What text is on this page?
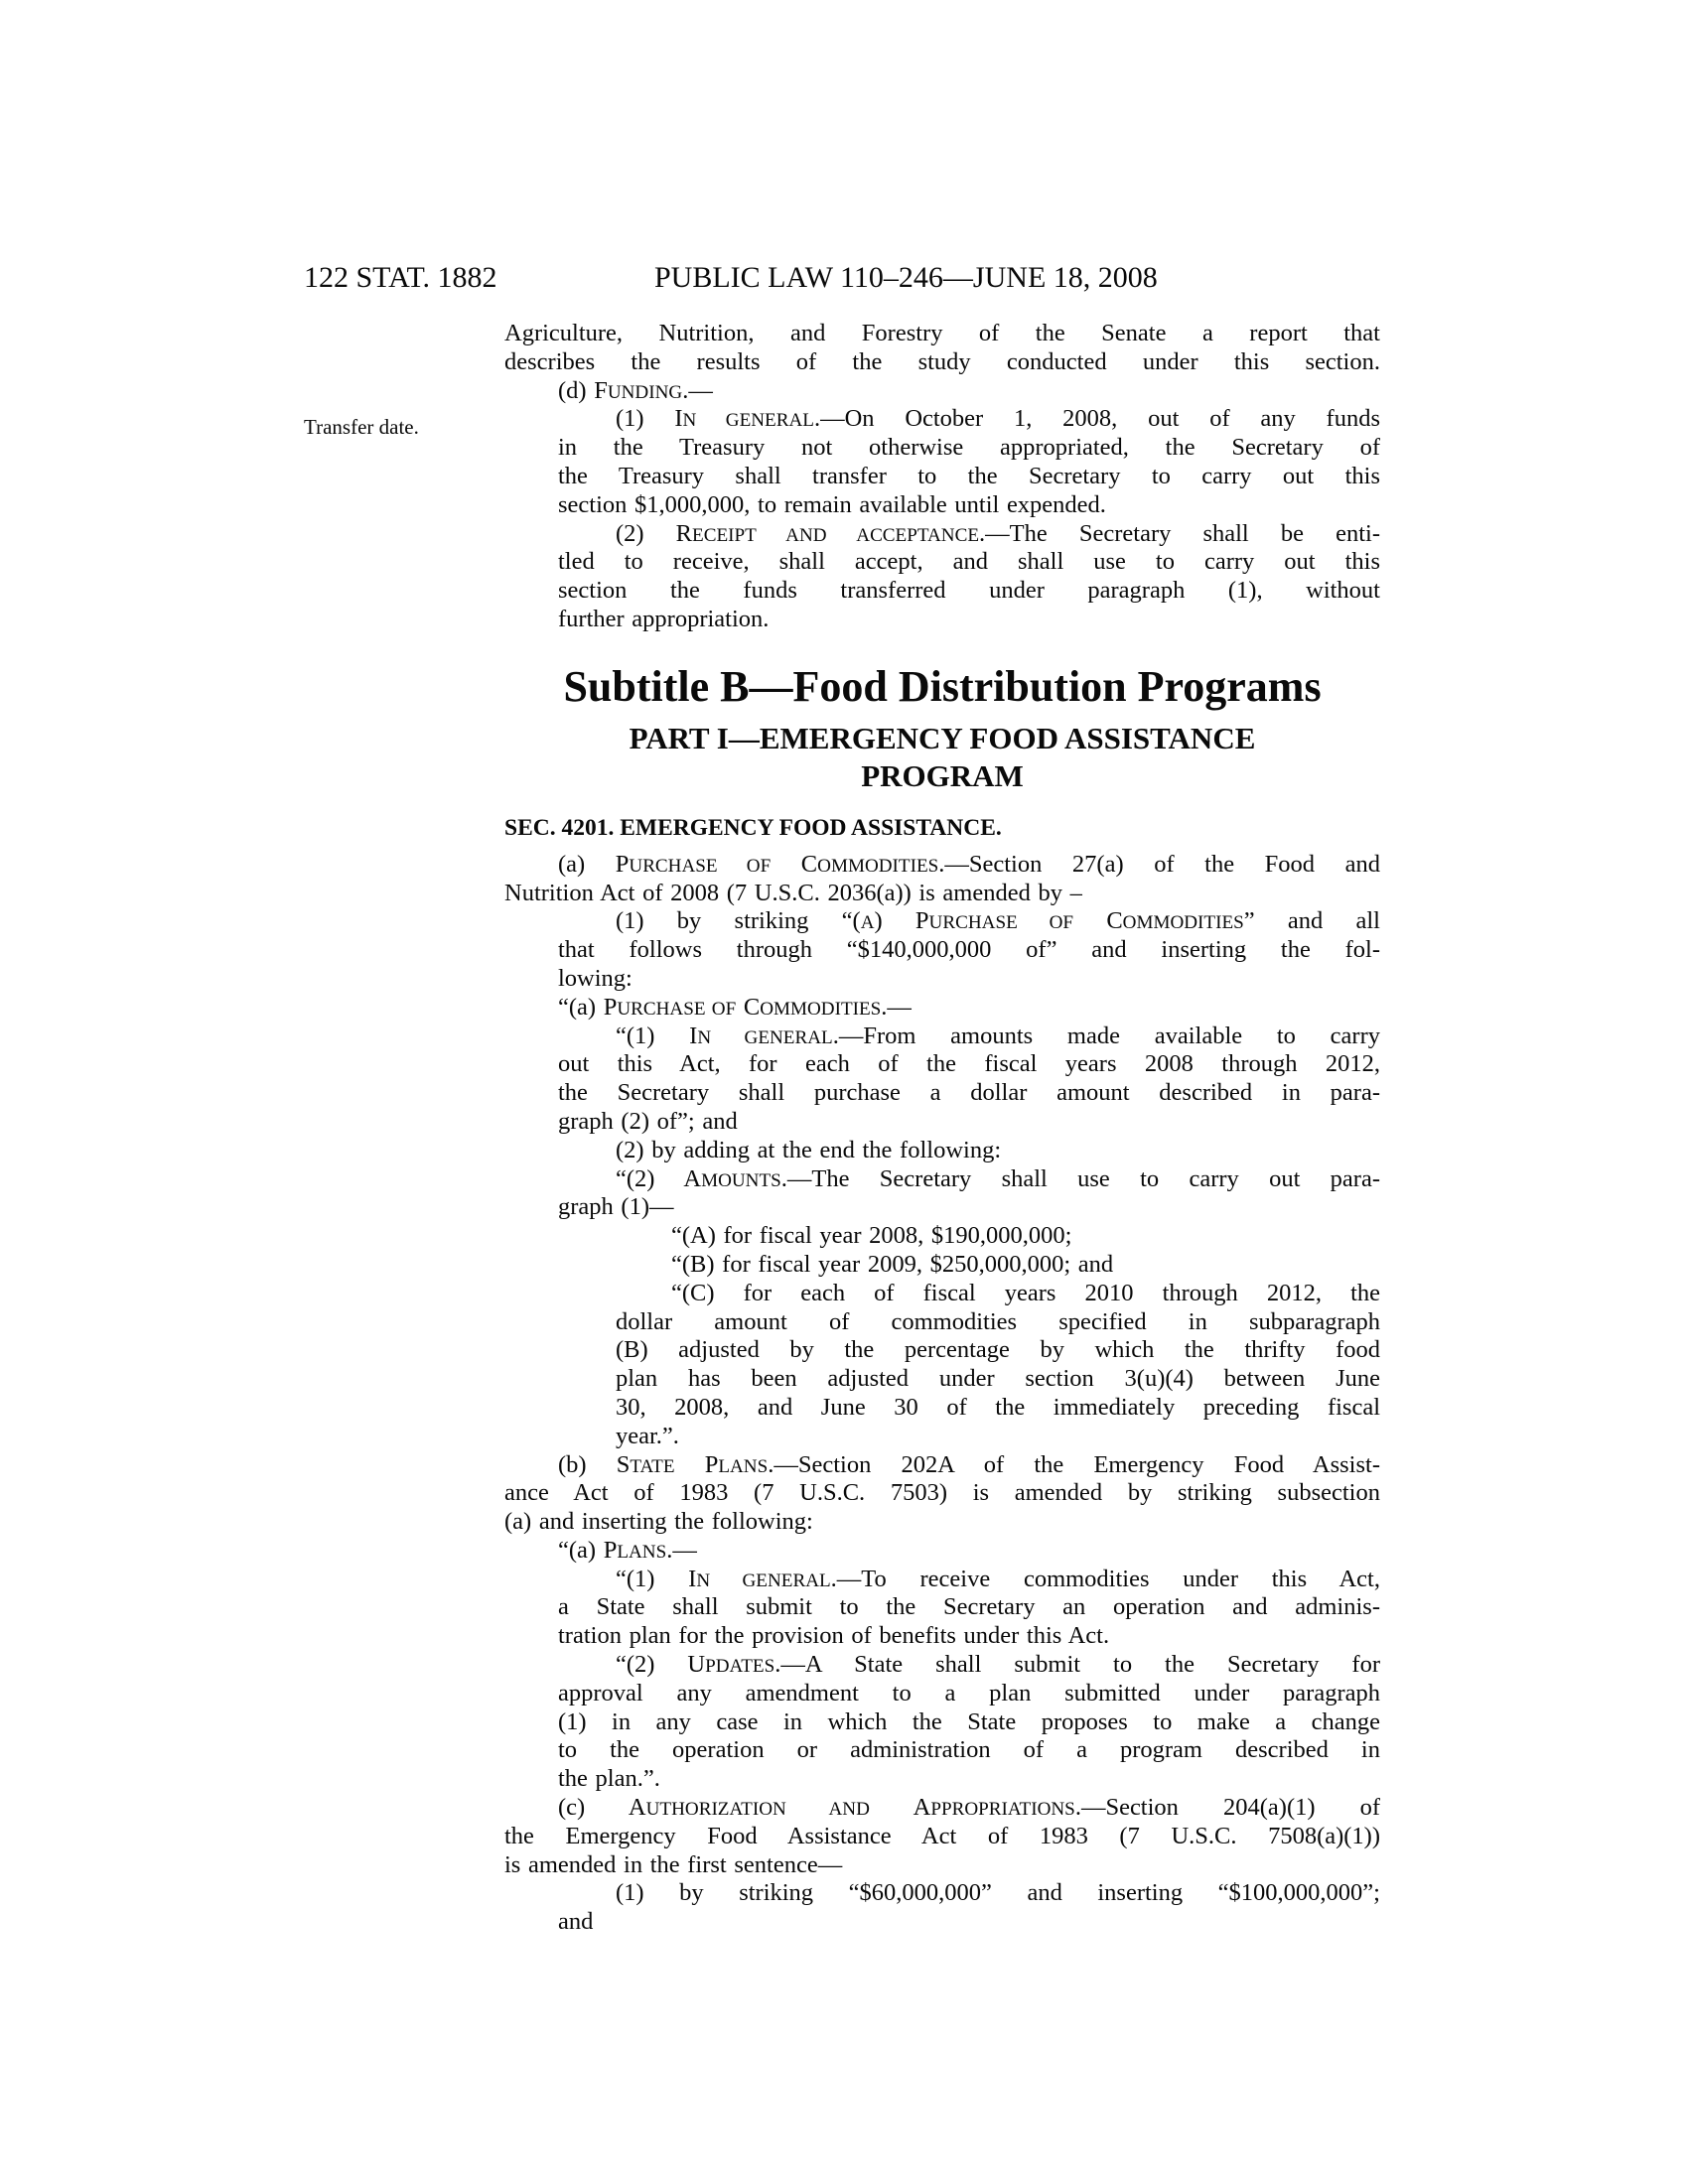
122 STAT. 1882	PUBLIC LAW 110–246—JUNE 18, 2008
Transfer date.
Agriculture, Nutrition, and Forestry of the Senate a report that
describes the results of the study conducted under this section.
(d) FUNDING.—
(1) IN GENERAL.—On October 1, 2008, out of any funds
in the Treasury not otherwise appropriated, the Secretary of
the Treasury shall transfer to the Secretary to carry out this
section $1,000,000, to remain available until expended.
(2) RECEIPT AND ACCEPTANCE.—The Secretary shall be enti-
tled to receive, shall accept, and shall use to carry out this
section the funds transferred under paragraph (1), without
further appropriation.
Subtitle B—Food Distribution Programs
PART I—EMERGENCY FOOD ASSISTANCE
PROGRAM
SEC. 4201. EMERGENCY FOOD ASSISTANCE.
(a) PURCHASE OF COMMODITIES.—Section 27(a) of the Food and
Nutrition Act of 2008 (7 U.S.C. 2036(a)) is amended by –
(1) by striking “(A) PURCHASE OF COMMODITIES” and all
that follows through “$140,000,000 of” and inserting the fol-
lowing:
“(a) PURCHASE OF COMMODITIES.—
“(1) IN GENERAL.—From amounts made available to carry
out this Act, for each of the fiscal years 2008 through 2012,
the Secretary shall purchase a dollar amount described in para-
graph (2) of”; and
(2) by adding at the end the following:
“(2) AMOUNTS.—The Secretary shall use to carry out para-
graph (1)—
“(A) for fiscal year 2008, $190,000,000;
“(B) for fiscal year 2009, $250,000,000; and
“(C) for each of fiscal years 2010 through 2012, the
dollar amount of commodities specified in subparagraph
(B) adjusted by the percentage by which the thrifty food
plan has been adjusted under section 3(u)(4) between June
30, 2008, and June 30 of the immediately preceding fiscal
year.”.
(b) STATE PLANS.—Section 202A of the Emergency Food Assist-
ance Act of 1983 (7 U.S.C. 7503) is amended by striking subsection
(a) and inserting the following:
“(a) PLANS.—
“(1) IN GENERAL.—To receive commodities under this Act,
a State shall submit to the Secretary an operation and adminis-
tration plan for the provision of benefits under this Act.
“(2) UPDATES.—A State shall submit to the Secretary for
approval any amendment to a plan submitted under paragraph
(1) in any case in which the State proposes to make a change
to the operation or administration of a program described in
the plan.”.
(c) AUTHORIZATION AND APPROPRIATIONS.—Section 204(a)(1) of
the Emergency Food Assistance Act of 1983 (7 U.S.C. 7508(a)(1))
is amended in the first sentence—
(1) by striking “$60,000,000” and inserting “$100,000,000”;
and
